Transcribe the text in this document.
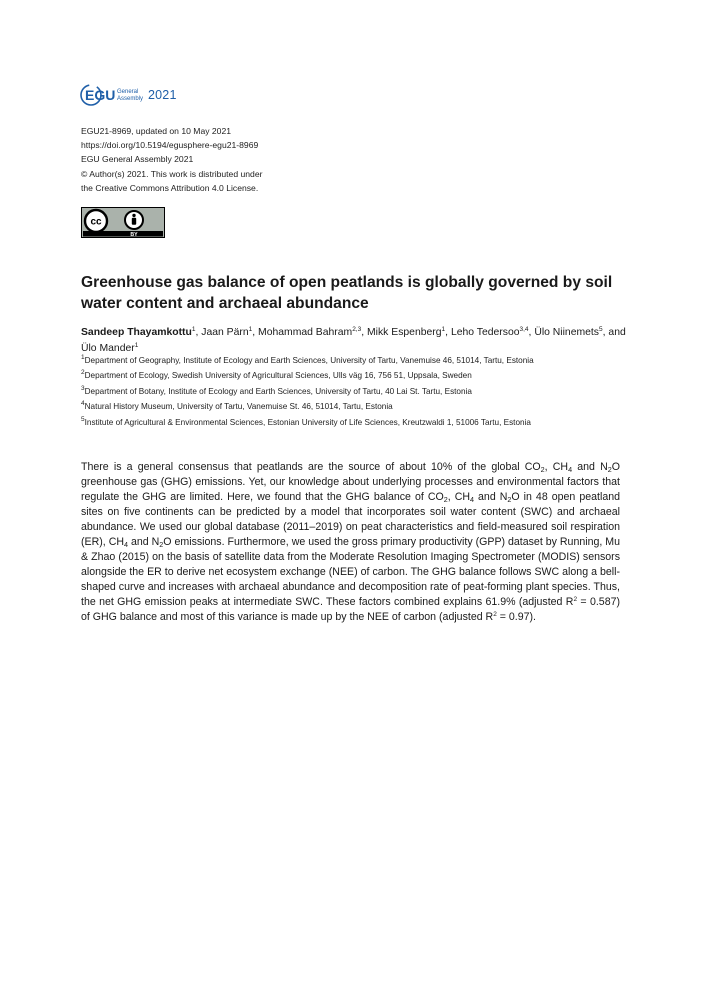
EGU General
Assembly 2021
EGU21-8969, updated on 10 May 2021
https://doi.org/10.5194/egusphere-egu21-8969
EGU General Assembly 2021
© Author(s) 2021. This work is distributed under
the Creative Commons Attribution 4.0 License.
cc
BY
Greenhouse gas balance of open peatlands is globally governed by soil water content and archaeal abundance
Sandeep Thayamkottu$^1$, Jaan Pärn$^1$, Mohammad Bahram$^{2,3}$, Mikk Espenberg$^1$, Leho Tedersoo$^{3,4}$, Ülo Niinemets$^5$, and Ülo Mander$^1$
$^1$Department of Geography, Institute of Ecology and Earth Sciences, University of Tartu, Vanemuise 46, 51014, Tartu, Estonia
$^2$Department of Ecology, Swedish University of Agricultural Sciences, Ulls väg 16, 756 51, Uppsala, Sweden
$^3$Department of Botany, Institute of Ecology and Earth Sciences, University of Tartu, 40 Lai St. Tartu, Estonia
$^4$Natural History Museum, University of Tartu, Vanemuise St. 46, 51014, Tartu, Estonia
$^5$Institute of Agricultural & Environmental Sciences, Estonian University of Life Sciences, Kreutzwaldi 1, 51006 Tartu, Estonia

There is a general consensus that peatlands are the source of about 10% of the global $CO_2$, $CH_4$ and $N_2O$ greenhouse gas (GHG) emissions. Yet, our knowledge about underlying processes and environmental factors that regulate the GHG are limited. Here, we found that the GHG balance of $CO_2$, $CH_4$ and $N_2O$ in 48 open peatland sites on five continents can be predicted by a model that incorporates soil water content (SWC) and archaeal abundance. We used our global database (2011–2019) on peat characteristics and field-measured soil respiration (ER), $CH_4$ and $N_2O$ emissions. Furthermore, we used the gross primary productivity (GPP) dataset by Running, Mu & Zhao (2015) on the basis of satellite data from the Moderate Resolution Imaging Spectrometer (MODIS) sensors alongside the ER to derive net ecosystem exchange (NEE) of carbon. The GHG balance follows SWC along a bell-shaped curve and increases with archaeal abundance and decomposition rate of peat-forming plant species. Thus, the net GHG emission peaks at intermediate SWC. These factors combined explains 61.9% (adjusted $R^2 = 0.587$) of GHG balance and most of this variance is made up by the NEE of carbon (adjusted $R^2 = 0.97$).
